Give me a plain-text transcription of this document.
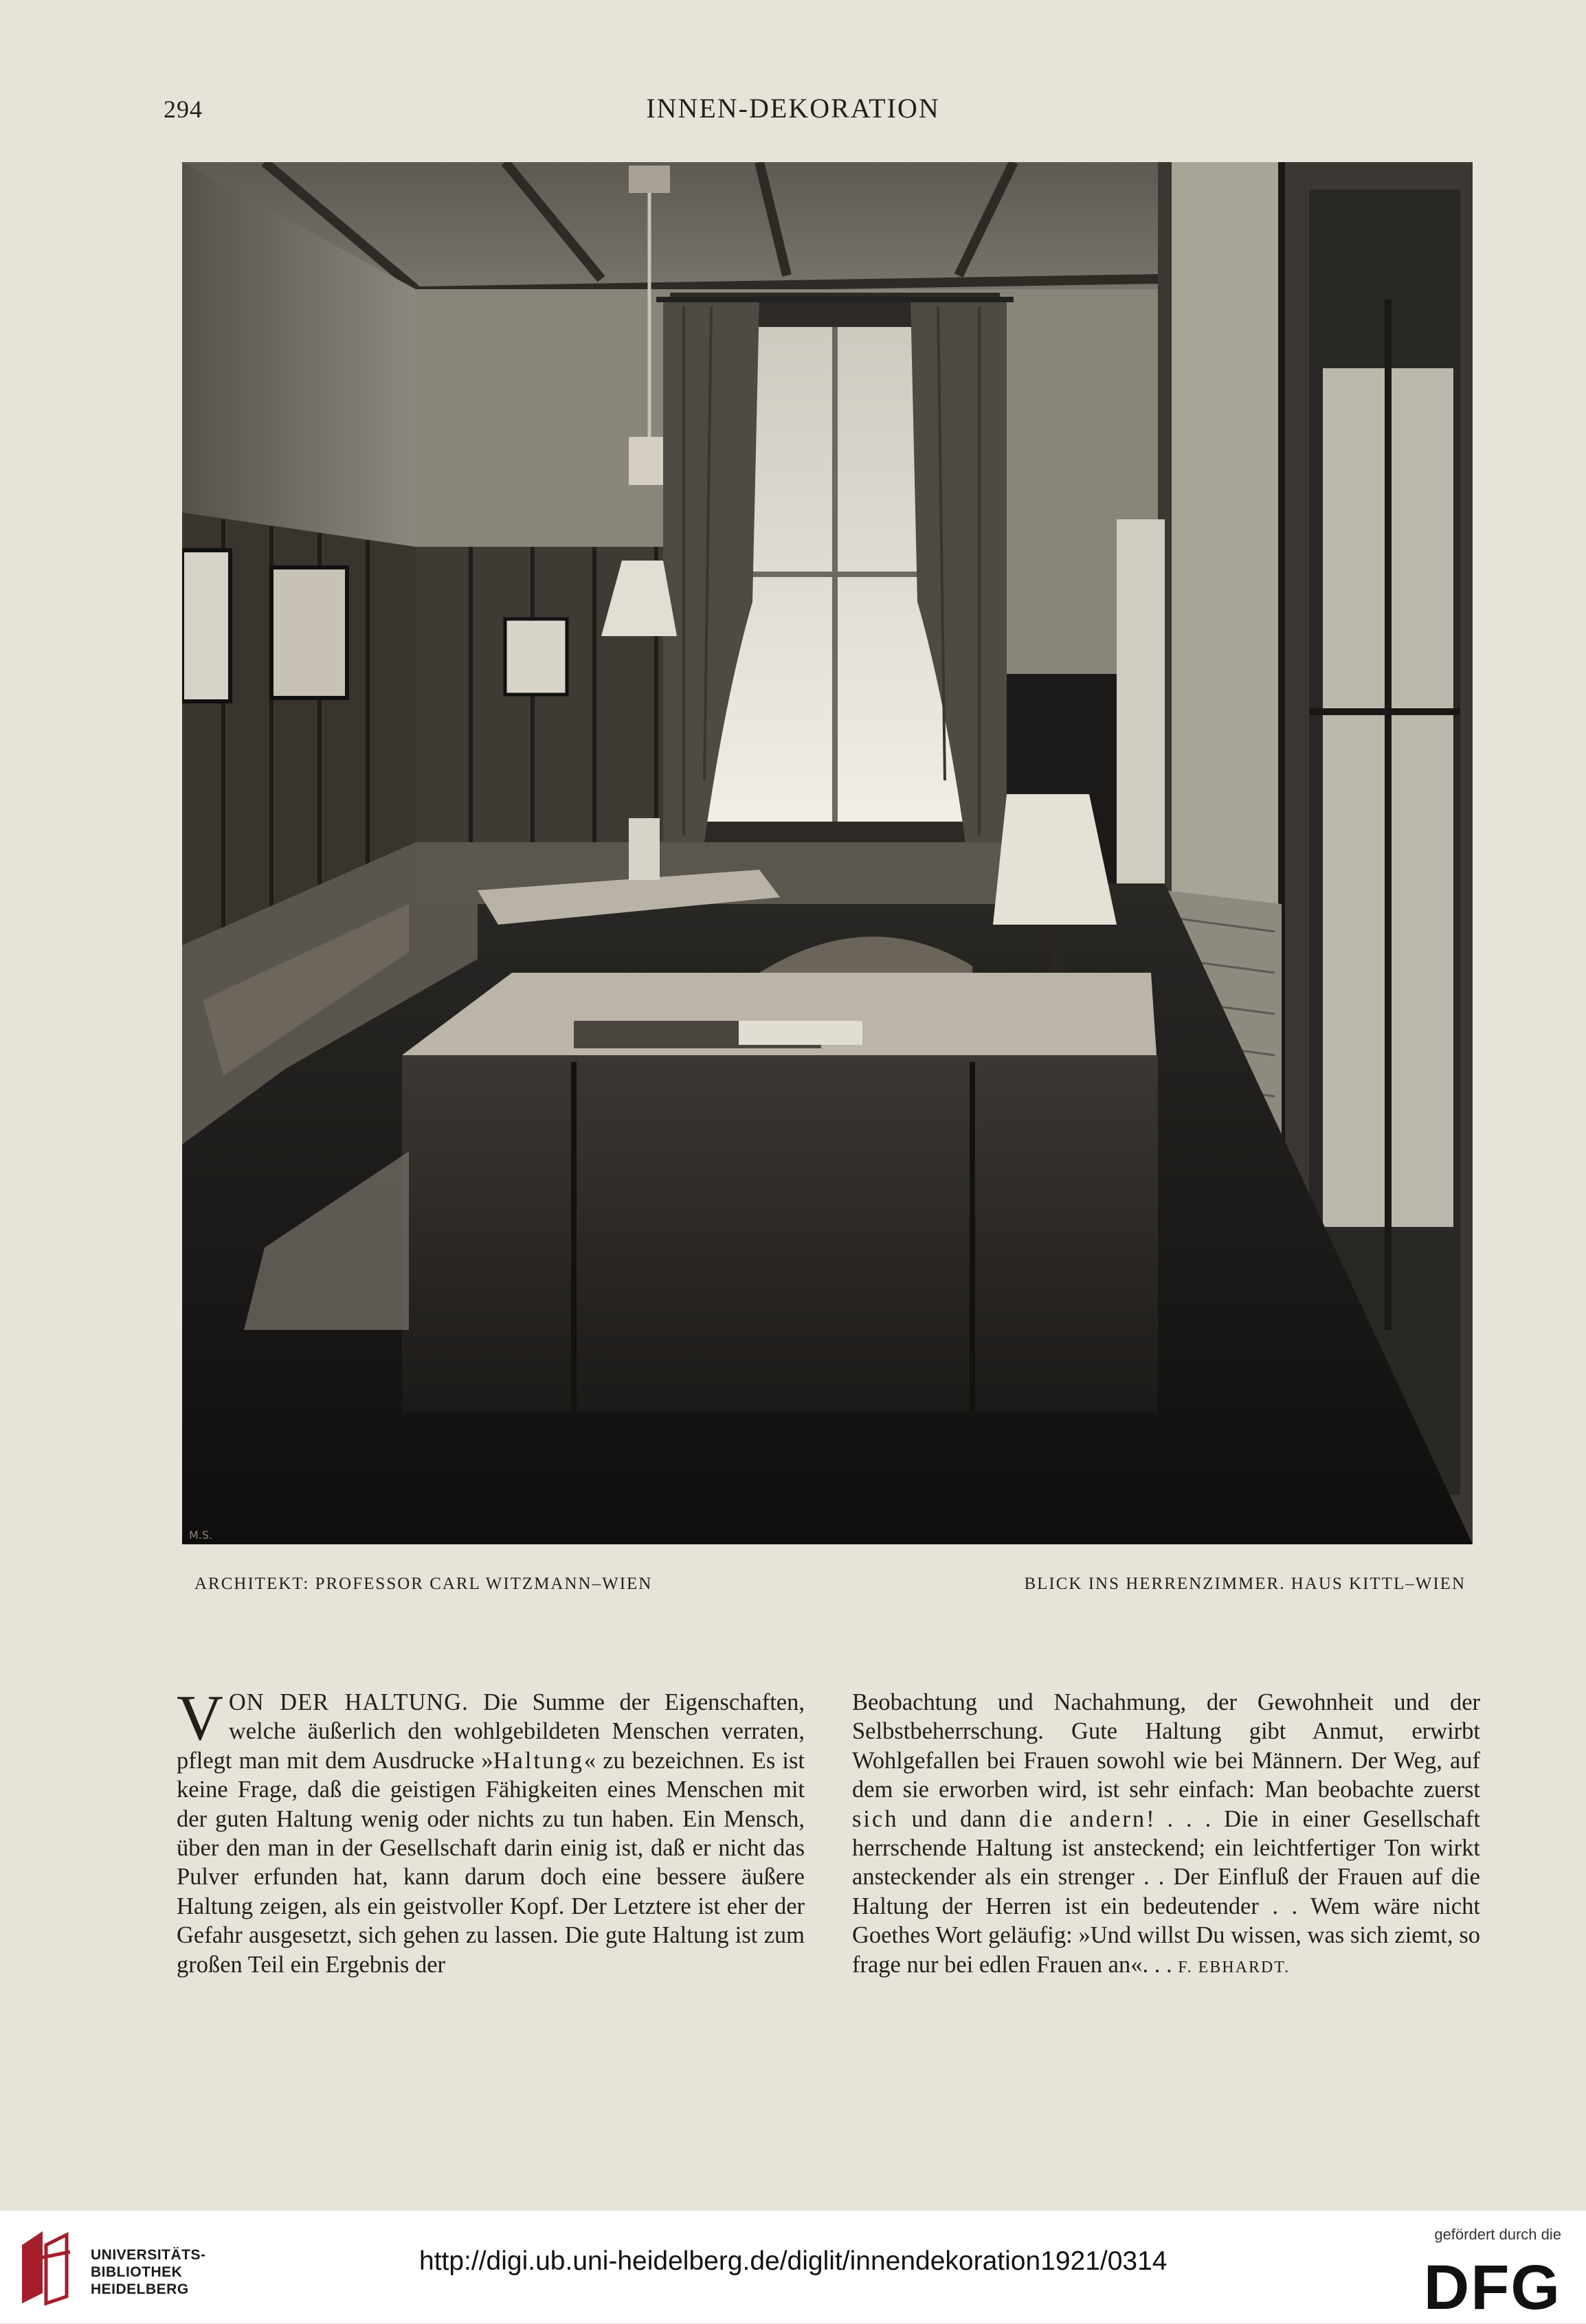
294	INNEN-DEKORATION
M.S.
ARCHITEKT: PROFESSOR CARL WITZMANN–WIEN	BLICK INS HERRENZIMMER. HAUS KITTL–WIEN

VON DER HALTUNG. Die Summe der Eigenschaften, welche äußerlich den wohlgebildeten Menschen verraten, pflegt man mit dem Ausdrucke »Haltung« zu bezeichnen. Es ist keine Frage, daß die geistigen Fähigkeiten eines Menschen mit der guten Haltung wenig oder nichts zu tun haben. Ein Mensch, über den man in der Gesellschaft darin einig ist, daß er nicht das Pulver erfunden hat, kann darum doch eine bessere äußere Haltung zeigen, als ein geistvoller Kopf. Der Letztere ist eher der Gefahr ausgesetzt, sich gehen zu lassen. Die gute Haltung ist zum großen Teil ein Ergebnis der

Beobachtung und Nachahmung, der Gewohnheit und der Selbstbeherrschung. Gute Haltung gibt Anmut, erwirbt Wohlgefallen bei Frauen sowohl wie bei Männern. Der Weg, auf dem sie erworben wird, ist sehr einfach: Man beobachte zuerst sich und dann die andern! . . . Die in einer Gesellschaft herrschende Haltung ist ansteckend; ein leichtfertiger Ton wirkt ansteckender als ein strenger . . Der Einfluß der Frauen auf die Haltung der Herren ist ein bedeutender . . Wem wäre nicht Goethes Wort geläufig: »Und willst Du wissen, was sich ziemt, so frage nur bei edlen Frauen an«. . . F. EBHARDT.

UNIVERSITÄTS-
BIBLIOTHEK
HEIDELBERG
http://digi.ub.uni-heidelberg.de/diglit/innendekoration1921/0314
gefördert durch die
DFG
